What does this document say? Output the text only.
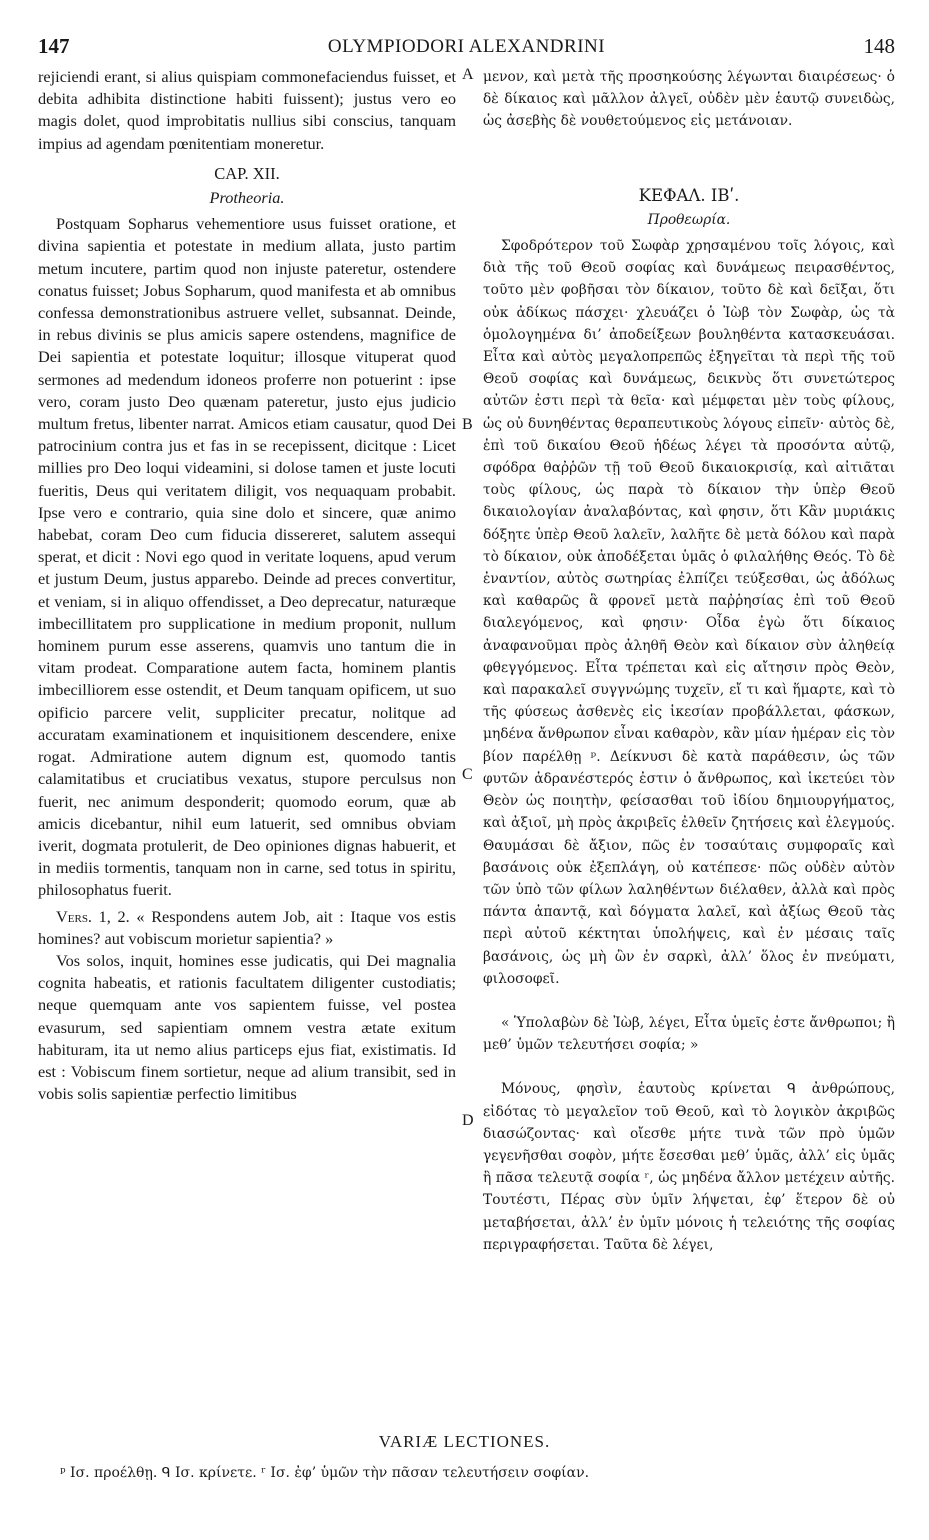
147	OLYMPIODORI ALEXANDRINI	148
A
B
C
D

rejiciendi erant, si alius quispiam commonefaciendus fuisset, et debita adhibita distinctione habiti fuissent); justus vero eo magis dolet, quod improbitatis nullius sibi conscius, tanquam impius ad agendam pœnitentiam moneretur.

CAP. XII.
Protheoria.

Postquam Sopharus vehementiore usus fuisset oratione, et divina sapientia et potestate in medium allata, justo partim metum incutere, partim quod non injuste pateretur, ostendere conatus fuisset; Jobus Sopharum, quod manifesta et ab omnibus confessa demonstrationibus astruere vellet, subsannat. Deinde, in rebus divinis se plus amicis sapere ostendens, magnifice de Dei sapientia et potestate loquitur; illosque vituperat quod sermones ad medendum idoneos proferre non potuerint : ipse vero, coram justo Deo quænam pateretur, justo ejus judicio multum fretus, libenter narrat. Amicos etiam causatur, quod Dei patrocinium contra jus et fas in se recepissent, dicitque : Licet millies pro Deo loqui videamini, si dolose tamen et juste locuti fueritis, Deus qui veritatem diligit, vos nequaquam probabit. Ipse vero e contrario, quia sine dolo et sincere, quæ animo habebat, coram Deo cum fiducia dissereret, salutem assequi sperat, et dicit : Novi ego quod in veritate loquens, apud verum et justum Deum, justus apparebo. Deinde ad preces convertitur, et veniam, si in aliquo offendisset, a Deo deprecatur, naturæque imbecillitatem pro supplicatione in medium proponit, nullum hominem purum esse asserens, quamvis uno tantum die in vitam prodeat. Comparatione autem facta, hominem plantis imbecilliorem esse ostendit, et Deum tanquam opificem, ut suo opificio parcere velit, suppliciter precatur, nolitque ad accuratam examinationem et inquisitionem descendere, enixe rogat. Admiratione autem dignum est, quomodo tantis calamitatibus et cruciatibus vexatus, stupore perculsus non fuerit, nec animum desponderit; quomodo eorum, quæ ab amicis dicebantur, nihil eum latuerit, sed omnibus obviam iverit, dogmata protulerit, de Deo opiniones dignas habuerit, et in mediis tormentis, tanquam non in carne, sed totus in spiritu, philosophatus fuerit.

Vers. 1, 2. « Respondens autem Job, ait : Itaque vos estis homines? aut vobiscum morietur sapientia? »

Vos solos, inquit, homines esse judicatis, qui Dei magnalia cognita habeatis, et rationis facultatem diligenter custodiatis; neque quemquam ante vos sapientem fuisse, vel postea evasurum, sed sapientiam omnem vestra ætate exitum habituram, ita ut nemo alius particeps ejus fiat, existimatis. Id est : Vobiscum finem sortietur, neque ad alium transibit, sed in vobis solis sapientiæ perfectio limitibus

μενον, καὶ μετὰ τῆς προσηκούσης λέγωνται διαιρέσεως· ὁ δὲ δίκαιος καὶ μᾶλλον ἀλγεῖ, οὐδὲν μὲν ἑαυτῷ συνειδὼς, ὡς ἀσεβὴς δὲ νουθετούμενος εἰς μετάνοιαν.

ΚΕΦΑΛ. ΙΒʹ.
Προθεωρία.

Σφοδρότερον τοῦ Σωφὰρ χρησαμένου τοῖς λόγοις, καὶ διὰ τῆς τοῦ Θεοῦ σοφίας καὶ δυνάμεως πειρασθέντος, τοῦτο μὲν φοβῆσαι τὸν δίκαιον, τοῦτο δὲ καὶ δεῖξαι, ὅτι οὐκ ἀδίκως πάσχει· χλευάζει ὁ Ἰὼβ τὸν Σωφὰρ, ὡς τὰ ὁμολογημένα δι’ ἀποδείξεων βουληθέντα κατασκευάσαι. Εἶτα καὶ αὐτὸς μεγαλοπρεπῶς ἐξηγεῖται τὰ περὶ τῆς τοῦ Θεοῦ σοφίας καὶ δυνάμεως, δεικνὺς ὅτι συνετώτερος αὐτῶν ἐστι περὶ τὰ θεῖα· καὶ μέμφεται μὲν τοὺς φίλους, ὡς οὐ δυνηθέντας θεραπευτικοὺς λόγους εἰπεῖν· αὐτὸς δὲ, ἐπὶ τοῦ δικαίου Θεοῦ ἡδέως λέγει τὰ προσόντα αὐτῷ, σφόδρα θαῤῥῶν τῇ τοῦ Θεοῦ δικαιοκρισίᾳ, καὶ αἰτιᾶται τοὺς φίλους, ὡς παρὰ τὸ δίκαιον τὴν ὑπὲρ Θεοῦ δικαιολογίαν ἀναλαβόντας, καὶ φησιν, ὅτι Κἂν μυριάκις δόξητε ὑπὲρ Θεοῦ λαλεῖν, λαλῆτε δὲ μετὰ δόλου καὶ παρὰ τὸ δίκαιον, οὐκ ἀποδέξεται ὑμᾶς ὁ φιλαλήθης Θεός. Τὸ δὲ ἐναντίον, αὐτὸς σωτηρίας ἐλπίζει τεύξεσθαι, ὡς ἀδόλως καὶ καθαρῶς ἃ φρονεῖ μετὰ παῤῥησίας ἐπὶ τοῦ Θεοῦ διαλεγόμενος, καὶ φησιν· Οἶδα ἐγὼ ὅτι δίκαιος ἀναφανοῦμαι πρὸς ἀληθῆ Θεὸν καὶ δίκαιον σὺν ἀληθείᾳ φθεγγόμενος. Εἶτα τρέπεται καὶ εἰς αἴτησιν πρὸς Θεὸν, καὶ παρακαλεῖ συγγνώμης τυχεῖν, εἴ τι καὶ ἥμαρτε, καὶ τὸ τῆς φύσεως ἀσθενὲς εἰς ἱκεσίαν προβάλλεται, φάσκων, μηδένα ἄνθρωπον εἶναι καθαρὸν, κἂν μίαν ἡμέραν εἰς τὸν βίον παρέλθῃ ᵖ. Δείκνυσι δὲ κατὰ παράθεσιν, ὡς τῶν φυτῶν ἀδρανέστερός ἐστιν ὁ ἄνθρωπος, καὶ ἱκετεύει τὸν Θεὸν ὡς ποιητὴν, φείσασθαι τοῦ ἰδίου δημιουργήματος, καὶ ἀξιοῖ, μὴ πρὸς ἀκριβεῖς ἐλθεῖν ζητήσεις καὶ ἐλεγμούς. Θαυμάσαι δὲ ἄξιον, πῶς ἐν τοσαύταις συμφοραῖς καὶ βασάνοις οὐκ ἐξεπλάγη, οὐ κατέπεσε· πῶς οὐδὲν αὐτὸν τῶν ὑπὸ τῶν φίλων λαληθέντων διέλαθεν, ἀλλὰ καὶ πρὸς πάντα ἀπαντᾷ, καὶ δόγματα λαλεῖ, καὶ ἀξίως Θεοῦ τὰς περὶ αὐτοῦ κέκτηται ὑπολήψεις, καὶ ἐν μέσαις ταῖς βασάνοις, ὡς μὴ ὢν ἐν σαρκὶ, ἀλλ’ ὅλος ἐν πνεύματι, φιλοσοφεῖ.

« Ὑπολαβὼν δὲ Ἰὼβ, λέγει, Εἶτα ὑμεῖς ἐστε ἄνθρωποι; ἢ μεθ’ ὑμῶν τελευτήσει σοφία; »

Μόνους, φησὶν, ἑαυτοὺς κρίνεται ᑫ ἀνθρώπους, εἰδότας τὸ μεγαλεῖον τοῦ Θεοῦ, καὶ τὸ λογικὸν ἀκριβῶς διασώζοντας· καὶ οἴεσθε μήτε τινὰ τῶν πρὸ ὑμῶν γεγενῆσθαι σοφὸν, μήτε ἔσεσθαι μεθ’ ὑμᾶς, ἀλλ’ εἰς ὑμᾶς ἢ πᾶσα τελευτᾷ σοφία ʳ, ὡς μηδένα ἄλλον μετέχειν αὐτῆς. Τουτέστι, Πέρας σὺν ὑμῖν λήψεται, ἐφ’ ἕτερον δὲ οὐ μεταβήσεται, ἀλλ’ ἐν ὑμῖν μόνοις ἡ τελειότης τῆς σοφίας περιγραφήσεται. Ταῦτα δὲ λέγει,

VARIÆ LECTIONES.
ᵖ Ισ. προέλθῃ. ᑫ Ισ. κρίνετε. ʳ Ισ. ἐφ’ ὑμῶν τὴν πᾶσαν τελευτήσειν σοφίαν.
